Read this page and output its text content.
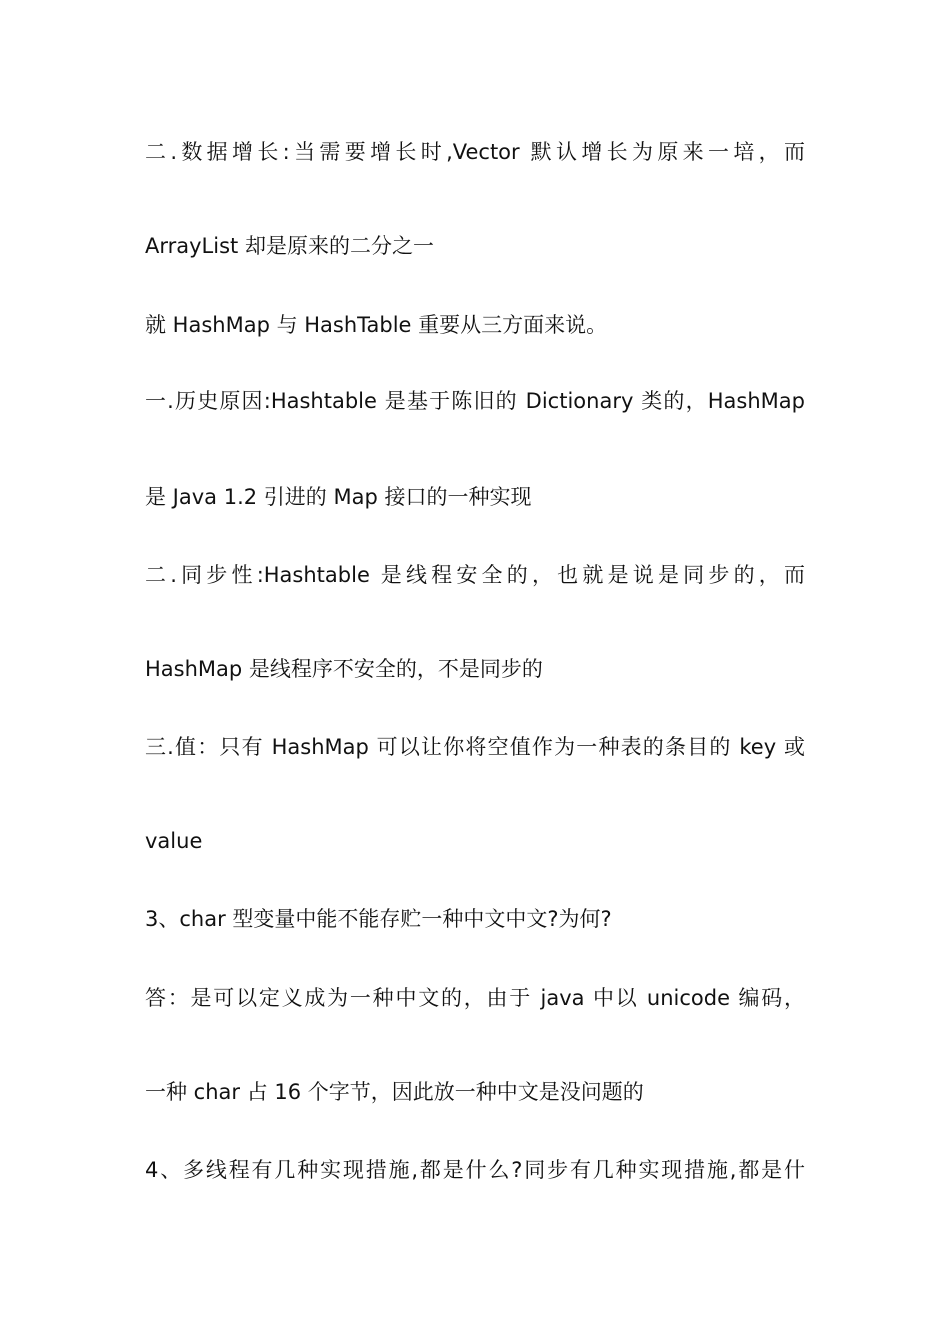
二.数据增长:当需要增长时,Vector 默认增长为原来一培，而
ArrayList 却是原来的二分之一
就 HashMap 与 HashTable 重要从三方面来说。
一.历史原因:Hashtable 是基于陈旧的 Dictionary 类的，HashMap
是 Java 1.2 引进的 Map 接口的一种实现
二.同步性:Hashtable 是线程安全的，也就是说是同步的，而
HashMap 是线程序不安全的，不是同步的
三.值：只有 HashMap 可以让你将空值作为一种表的条目的 key 或
value
3、char 型变量中能不能存贮一种中文中文?为何?
答：是可以定义成为一种中文的，由于 java 中以 unicode 编码，
一种 char 占 16 个字节，因此放一种中文是没问题的
4、多线程有几种实现措施,都是什么?同步有几种实现措施,都是什
